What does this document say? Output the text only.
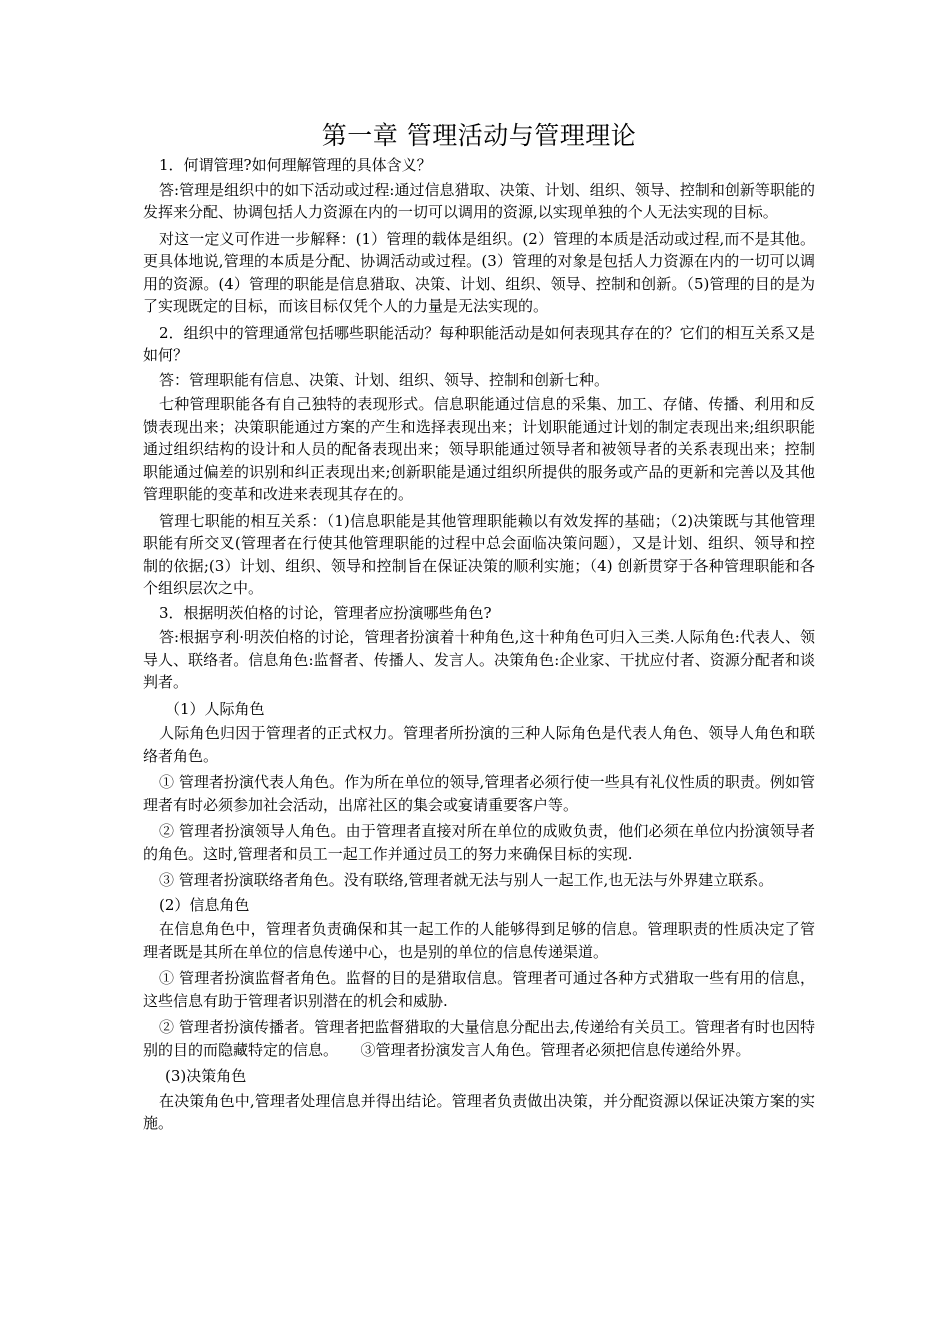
第一章 管理活动与管理理论

1．何谓管理?如何理解管理的具体含义？

答:管理是组织中的如下活动或过程:通过信息猎取、决策、计划、组织、领导、控制和创新等职能的发挥来分配、协调包括人力资源在内的一切可以调用的资源,以实现单独的个人无法实现的目标。

对这一定义可作进一步解释：(1）管理的载体是组织。(2）管理的本质是活动或过程,而不是其他。更具体地说,管理的本质是分配、协调活动或过程。(3）管理的对象是包括人力资源在内的一切可以调用的资源。(4）管理的职能是信息猎取、决策、计划、组织、领导、控制和创新。（5)管理的目的是为了实现既定的目标，而该目标仅凭个人的力量是无法实现的。

2．组织中的管理通常包括哪些职能活动？每种职能活动是如何表现其存在的？它们的相互关系又是如何？

答：管理职能有信息、决策、计划、组织、领导、控制和创新七种。

七种管理职能各有自己独特的表现形式。信息职能通过信息的采集、加工、存储、传播、利用和反馈表现出来；决策职能通过方案的产生和选择表现出来；计划职能通过计划的制定表现出来;组织职能通过组织结构的设计和人员的配备表现出来；领导职能通过领导者和被领导者的关系表现出来；控制职能通过偏差的识别和纠正表现出来;创新职能是通过组织所提供的服务或产品的更新和完善以及其他管理职能的变革和改进来表现其存在的。

管理七职能的相互关系：（1)信息职能是其他管理职能赖以有效发挥的基础；（2)决策既与其他管理职能有所交叉(管理者在行使其他管理职能的过程中总会面临决策问题），又是计划、组织、领导和控制的依据;(3）计划、组织、领导和控制旨在保证决策的顺利实施；（4) 创新贯穿于各种管理职能和各个组织层次之中。

3．根据明茨伯格的讨论，管理者应扮演哪些角色?

答:根据亨利·明茨伯格的讨论，管理者扮演着十种角色,这十种角色可归入三类.人际角色:代表人、领导人、联络者。信息角色:监督者、传播人、发言人。决策角色:企业家、干扰应付者、资源分配者和谈判者。

（1）人际角色

人际角色归因于管理者的正式权力。管理者所扮演的三种人际角色是代表人角色、领导人角色和联络者角色。

① 管理者扮演代表人角色。作为所在单位的领导,管理者必须行使一些具有礼仪性质的职责。例如管理者有时必须参加社会活动，出席社区的集会或宴请重要客户等。

② 管理者扮演领导人角色。由于管理者直接对所在单位的成败负责，他们必须在单位内扮演领导者的角色。这时,管理者和员工一起工作并通过员工的努力来确保目标的实现.

③ 管理者扮演联络者角色。没有联络,管理者就无法与别人一起工作,也无法与外界建立联系。

(2）信息角色

在信息角色中，管理者负责确保和其一起工作的人能够得到足够的信息。管理职责的性质决定了管理者既是其所在单位的信息传递中心，也是别的单位的信息传递渠道。

① 管理者扮演监督者角色。监督的目的是猎取信息。管理者可通过各种方式猎取一些有用的信息，这些信息有助于管理者识别潜在的机会和威胁.

② 管理者扮演传播者。管理者把监督猎取的大量信息分配出去,传递给有关员工。管理者有时也因特别的目的而隐藏特定的信息。　　③管理者扮演发言人角色。管理者必须把信息传递给外界。

(3)决策角色

在决策角色中,管理者处理信息并得出结论。管理者负责做出决策，并分配资源以保证决策方案的实施。
